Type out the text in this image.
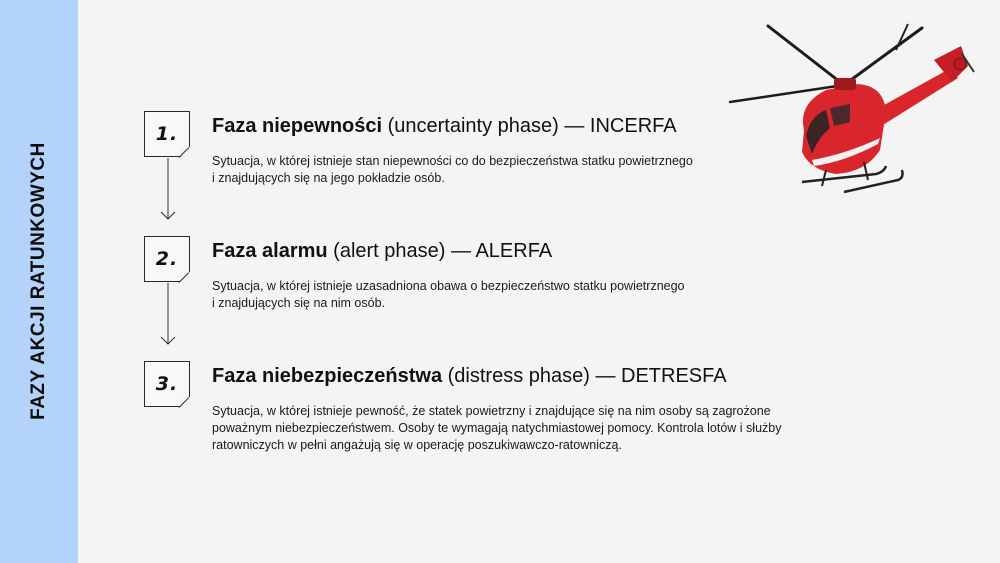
FAZY AKCJI RATUNKOWYCH
1.	Faza niepewności (uncertainty phase) — INCERFA
Sytuacja, w której istnieje stan niepewności co do bezpieczeństwa statku powietrznego
i znajdujących się na jego pokładzie osób.
2.	Faza alarmu (alert phase) — ALERFA
Sytuacja, w której istnieje uzasadniona obawa o bezpieczeństwo statku powietrznego
i znajdujących się na nim osób.
3.	Faza niebezpieczeństwa (distress phase) — DETRESFA
Sytuacja, w której istnieje pewność, że statek powietrzny i znajdujące się na nim osoby są zagrożone
poważnym niebezpieczeństwem. Osoby te wymagają natychmiastowej pomocy. Kontrola lotów i służby
ratowniczych w pełni angażują się w operację poszukiwawczo-ratowniczą.
